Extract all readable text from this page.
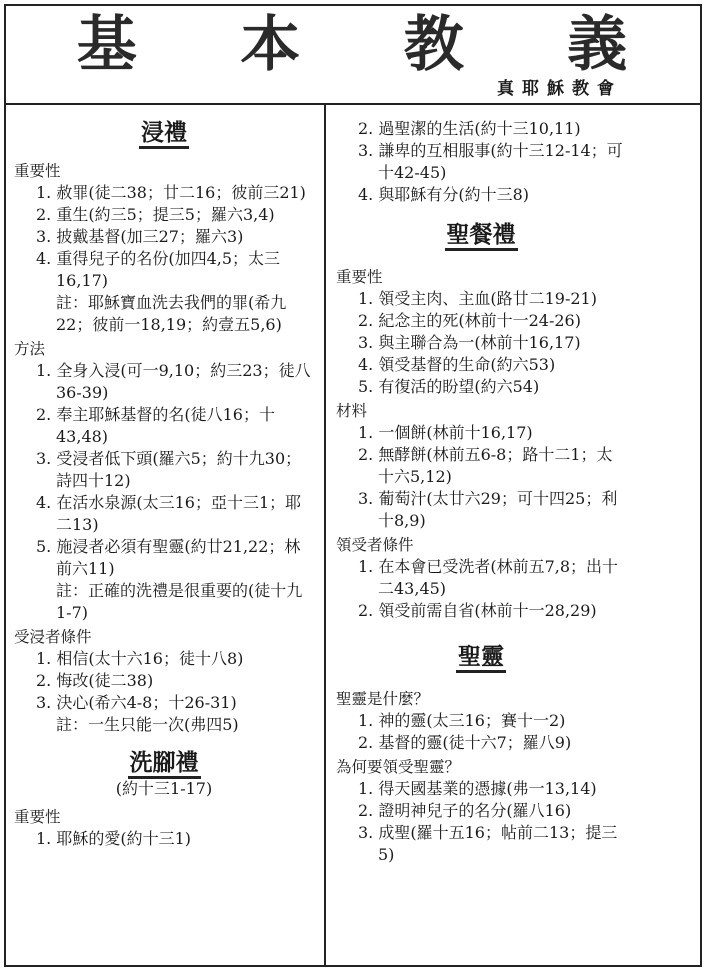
基 本 教 義
真耶穌教會
浸禮
重要性
1. 赦罪(徒二38；廿二16；彼前三21)
2. 重生(約三5；提三5；羅六3,4)
3. 披戴基督(加三27；羅六3)
4. 重得兒子的名份(加四4,5；太三16,17)
註：耶穌寶血洗去我們的罪(希九22；彼前一18,19；約壹五5,6)
方法
1. 全身入浸(可一9,10；約三23；徒八36-39)
2. 奉主耶穌基督的名(徒八16；十43,48)
3. 受浸者低下頭(羅六5；約十九30；詩四十12)
4. 在活水泉源(太三16；亞十三1；耶二13)
5. 施浸者必須有聖靈(約廿21,22；林前六11)
註：正確的洗禮是很重要的(徒十九1-7)
受浸者條件
1. 相信(太十六16；徒十八8)
2. 悔改(徒二38)
3. 決心(希六4-8；十26-31)
註：一生只能一次(弗四5)
洗腳禮
(約十三1-17)
重要性
1. 耶穌的愛(約十三1)
2. 過聖潔的生活(約十三10,11)
3. 謙卑的互相服事(約十三12-14；可十42-45)
4. 與耶穌有分(約十三8)
聖餐禮
重要性
1. 領受主肉、主血(路廿二19-21)
2. 紀念主的死(林前十一24-26)
3. 與主聯合為一(林前十16,17)
4. 領受基督的生命(約六53)
5. 有復活的盼望(約六54)
材料
1. 一個餅(林前十16,17)
2. 無酵餅(林前五6-8；路十二1；太十六5,12)
3. 葡萄汁(太廿六29；可十四25；利十8,9)
領受者條件
1. 在本會已受洗者(林前五7,8；出十二43,45)
2. 領受前需自省(林前十一28,29)
聖靈
聖靈是什麼？
1. 神的靈(太三16；賽十一2)
2. 基督的靈(徒十六7；羅八9)
為何要領受聖靈？
1. 得天國基業的憑據(弗一13,14)
2. 證明神兒子的名分(羅八16)
3. 成聖(羅十五16；帖前二13；提三5)
